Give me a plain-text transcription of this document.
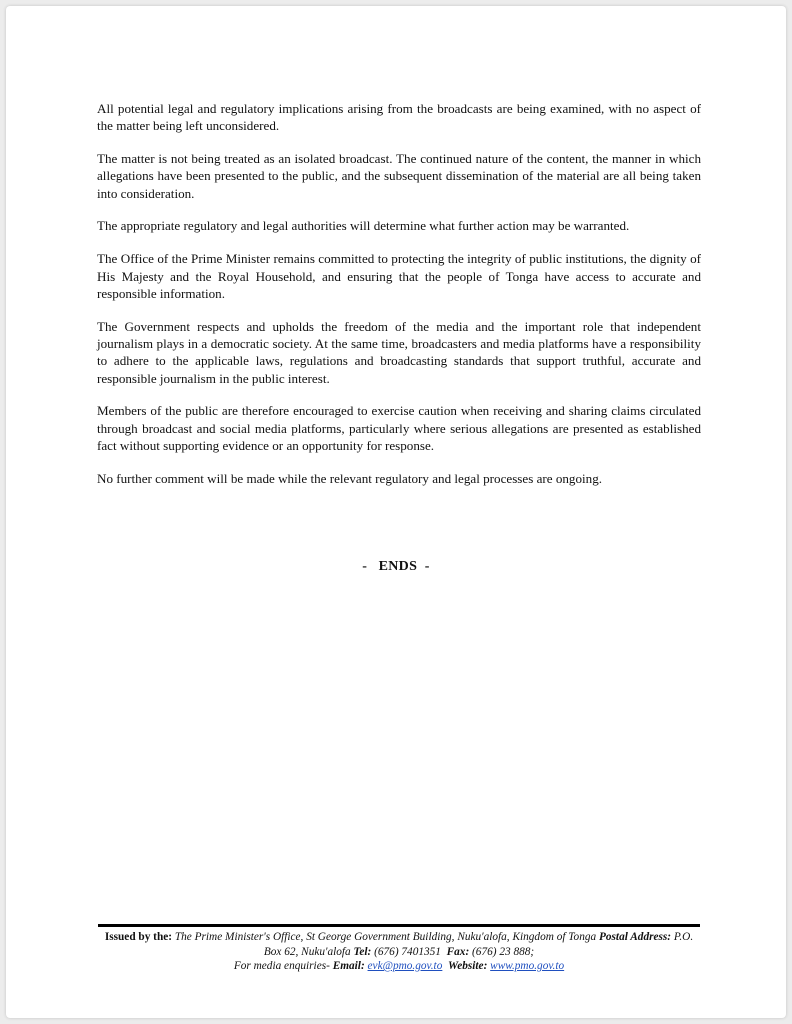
All potential legal and regulatory implications arising from the broadcasts are being examined, with no aspect of the matter being left unconsidered.

The matter is not being treated as an isolated broadcast. The continued nature of the content, the manner in which allegations have been presented to the public, and the subsequent dissemination of the material are all being taken into consideration.

The appropriate regulatory and legal authorities will determine what further action may be warranted.

The Office of the Prime Minister remains committed to protecting the integrity of public institutions, the dignity of His Majesty and the Royal Household, and ensuring that the people of Tonga have access to accurate and responsible information.

The Government respects and upholds the freedom of the media and the important role that independent journalism plays in a democratic society. At the same time, broadcasters and media platforms have a responsibility to adhere to the applicable laws, regulations and broadcasting standards that support truthful, accurate and responsible journalism in the public interest.

Members of the public are therefore encouraged to exercise caution when receiving and sharing claims circulated through broadcast and social media platforms, particularly where serious allegations are presented as established fact without supporting evidence or an opportunity for response.

No further comment will be made while the relevant regulatory and legal processes are ongoing.

-   ENDS  -
Issued by the: The Prime Minister's Office, St George Government Building, Nuku'alofa, Kingdom of Tonga Postal Address: P.O. Box 62, Nuku'alofa Tel: (676) 7401351 Fax: (676) 23 888;
For media enquiries- Email: evk@pmo.gov.to Website: www.pmo.gov.to
